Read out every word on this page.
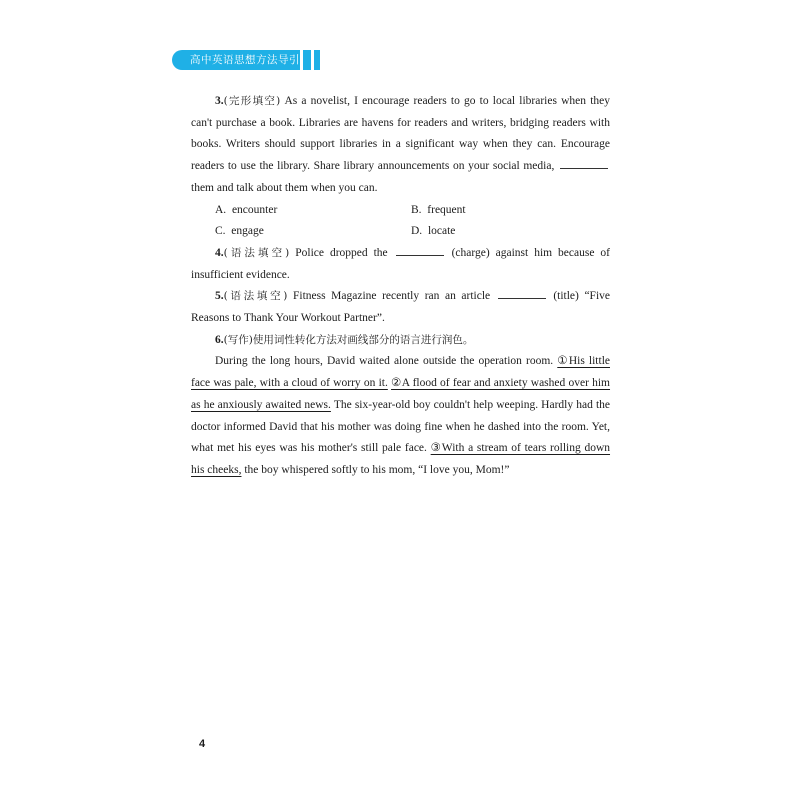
高中英语思想方法导引
3.(完形填空) As a novelist, I encourage readers to go to local libraries when they can't purchase a book. Libraries are havens for readers and writers, bridging readers with books. Writers should support libraries in a significant way when they can. Encourage readers to use the library. Share library announcements on your social media,  them and talk about them when you can.
A. encounter	B. frequent
C. engage	D. locate
4.(语法填空) Police dropped the	(charge) against him because of insufficient evidence.
5.(语法填空) Fitness Magazine recently ran an article	(title) “Five Reasons to Thank Your Workout Partner”.
6.(写作)使用词性转化方法对画线部分的语言进行润色。
During the long hours, David waited alone outside the operation room. ①His little face was pale, with a cloud of worry on it. ②A flood of fear and anxiety washed over him as he anxiously awaited news. The six-year-old boy couldn't help weeping. Hardly had the doctor informed David that his mother was doing fine when he dashed into the room. Yet, what met his eyes was his mother's still pale face. ③With a stream of tears rolling down his cheeks, the boy whispered softly to his mom, “I love you, Mom!”
4
